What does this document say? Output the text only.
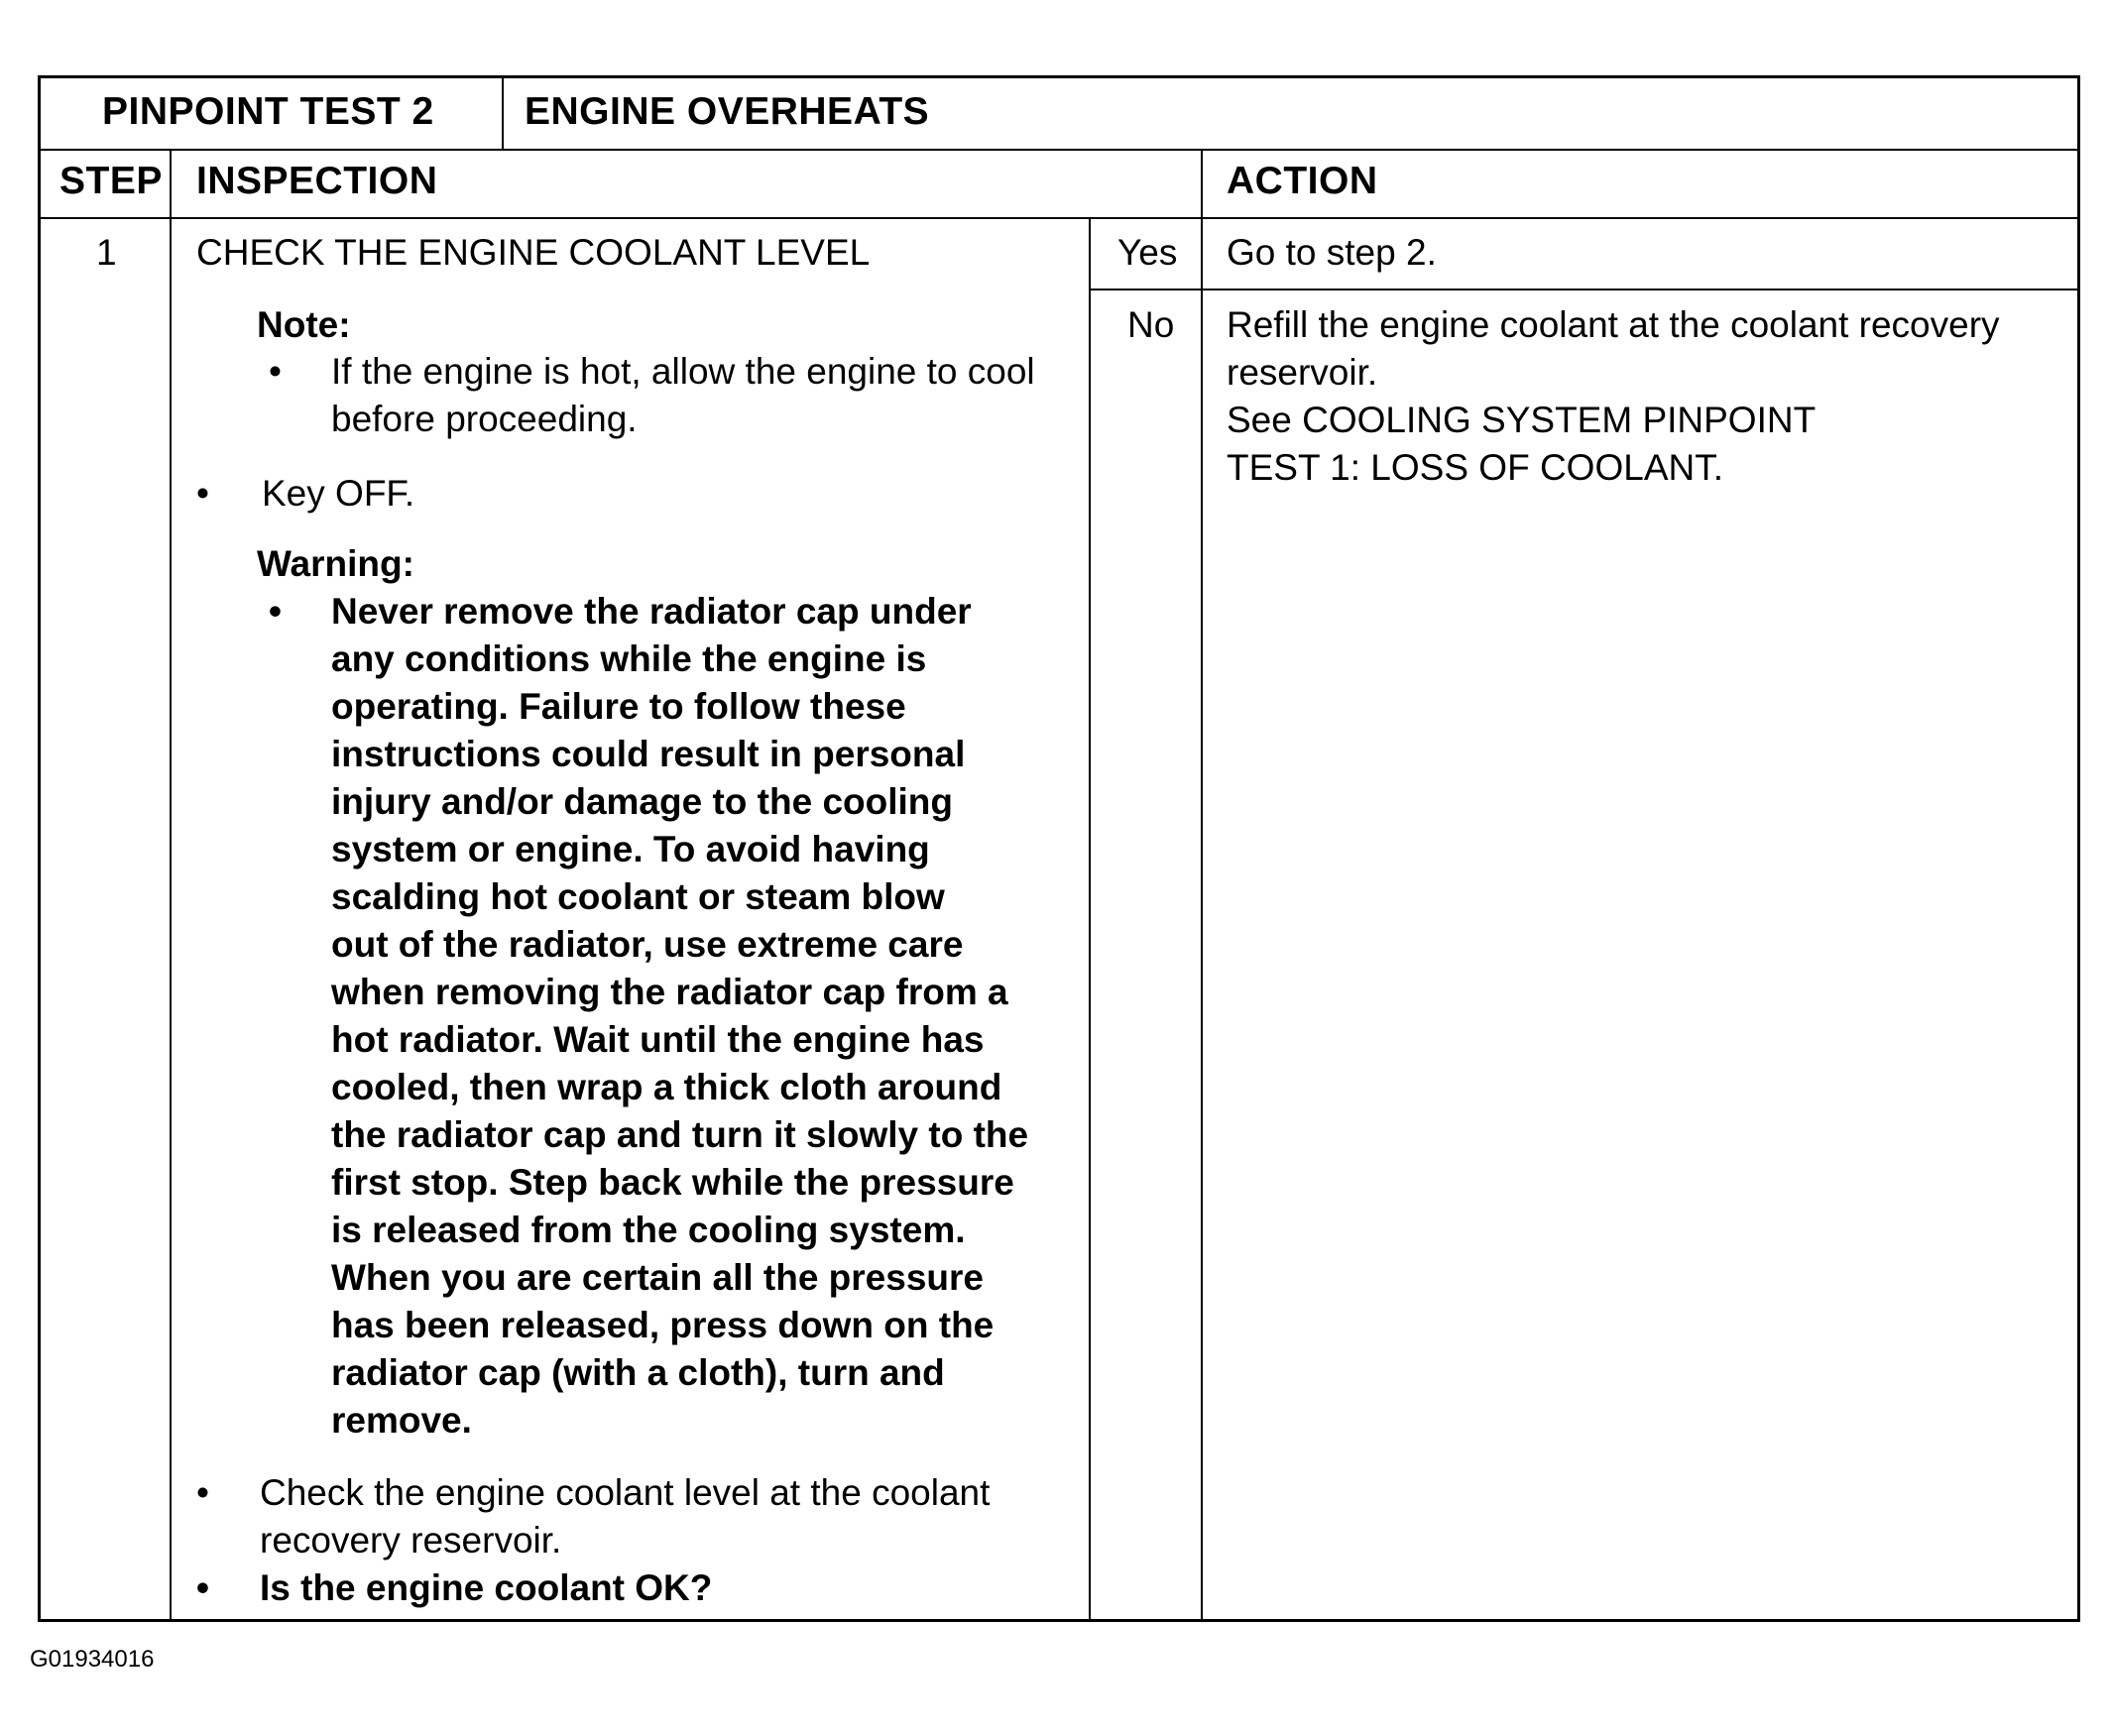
PINPOINT TEST 2 ENGINE OVERHEATS
STEP INSPECTION	ACTION
1 CHECK THE ENGINE COOLANT LEVEL
Note:
• If the engine is hot, allow the engine to cool
before proceeding.
• Key OFF.
Warning:
• Never remove the radiator cap under
any conditions while the engine is
operating. Failure to follow these
instructions could result in personal
injury and/or damage to the cooling
system or engine. To avoid having
scalding hot coolant or steam blow
out of the radiator, use extreme care
when removing the radiator cap from a
hot radiator. Wait until the engine has
cooled, then wrap a thick cloth around
the radiator cap and turn it slowly to the
first stop. Step back while the pressure
is released from the cooling system.
When you are certain all the pressure
has been released, press down on the
radiator cap (with a cloth), turn and
remove.
• Check the engine coolant level at the coolant
recovery reservoir.
• Is the engine coolant OK?
Yes Go to step 2.
No Refill the engine coolant at the coolant recovery
reservoir.
See COOLING SYSTEM PINPOINT
TEST 1: LOSS OF COOLANT.
G01934016
